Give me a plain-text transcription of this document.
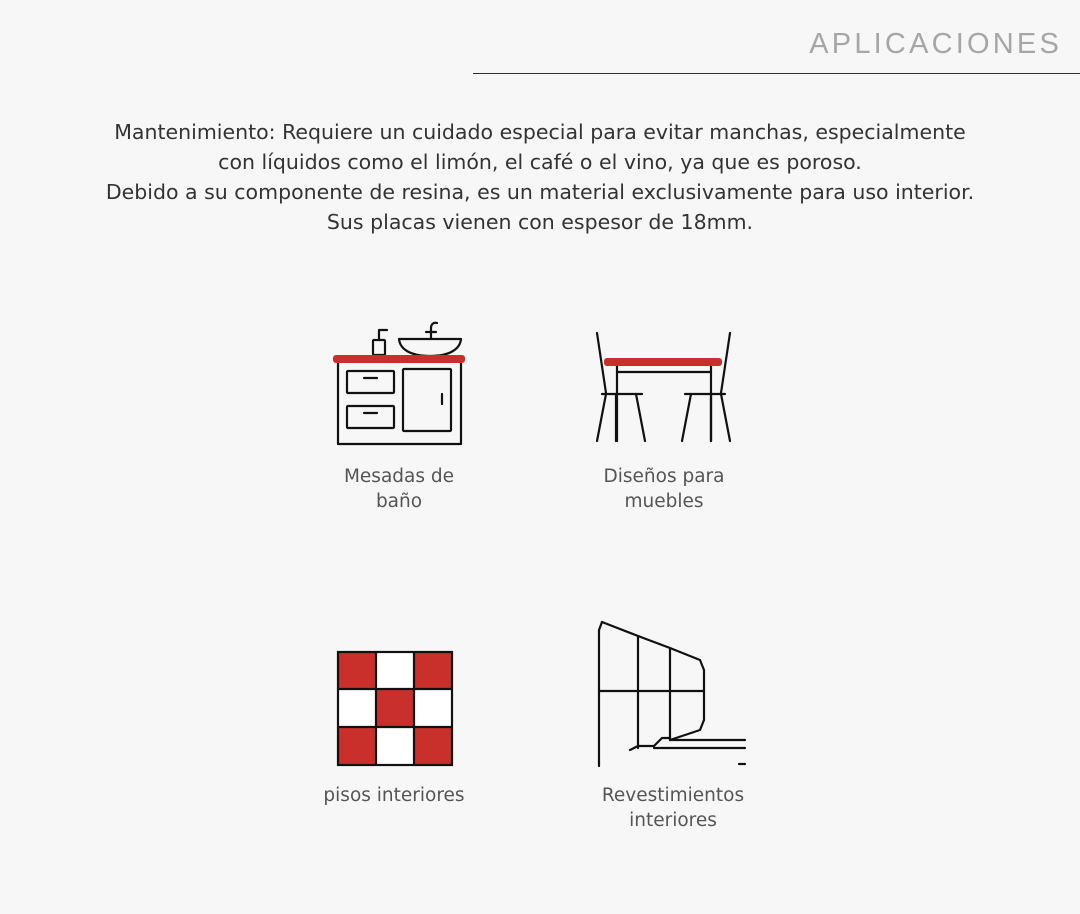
APLICACIONES

Mantenimiento: Requiere un cuidado especial para evitar manchas, especialmente

con líquidos como el limón, el café o el vino, ya que es poroso.

Debido a su componente de resina, es un material exclusivamente para uso interior.

Sus placas vienen con espesor de 18mm.

Mesadas de
baño
Diseños para
muebles
pisos interiores	Revestimientos
interiores
